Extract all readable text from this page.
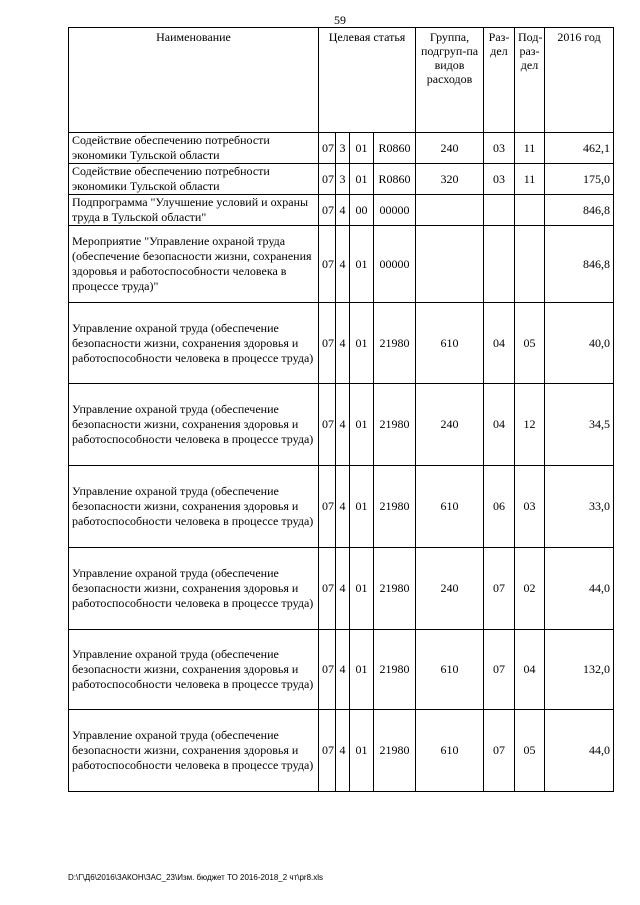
59
Наименование	Целевая статья				Группа, подгруп-па видов расходов	Раз-дел	Под-раз-дел	2016 год
Содействие обеспечению потребности экономики Тульской области	07	3	01	R0860	240	03	11	462,1
Содействие обеспечению потребности экономики Тульской области	07	3	01	R0860	320	03	11	175,0
Подпрограмма "Улучшение условий и охраны труда в Тульской области"	07	4	00	00000				846,8
Мероприятие "Управление охраной труда (обеспечение безопасности жизни, сохранения здоровья и работоспособности человека в процессе труда)"	07	4	01	00000				846,8
Управление охраной труда (обеспечение безопасности жизни, сохранения здоровья и работоспособности человека в процессе труда)	07	4	01	21980	610	04	05	40,0
Управление охраной труда (обеспечение безопасности жизни, сохранения здоровья и работоспособности человека в процессе труда)	07	4	01	21980	240	04	12	34,5
Управление охраной труда (обеспечение безопасности жизни, сохранения здоровья и работоспособности человека в процессе труда)	07	4	01	21980	610	06	03	33,0
Управление охраной труда (обеспечение безопасности жизни, сохранения здоровья и работоспособности человека в процессе труда)	07	4	01	21980	240	07	02	44,0
Управление охраной труда (обеспечение безопасности жизни, сохранения здоровья и работоспособности человека в процессе труда)	07	4	01	21980	610	07	04	132,0
Управление охраной труда (обеспечение безопасности жизни, сохранения здоровья и работоспособности человека в процессе труда)	07	4	01	21980	610	07	05	44,0
D:\Г\Д6\2016\ЗАКОН\ЗАС_23\Изм. бюджет ТО 2016-2018_2 чт\pr8.xls
